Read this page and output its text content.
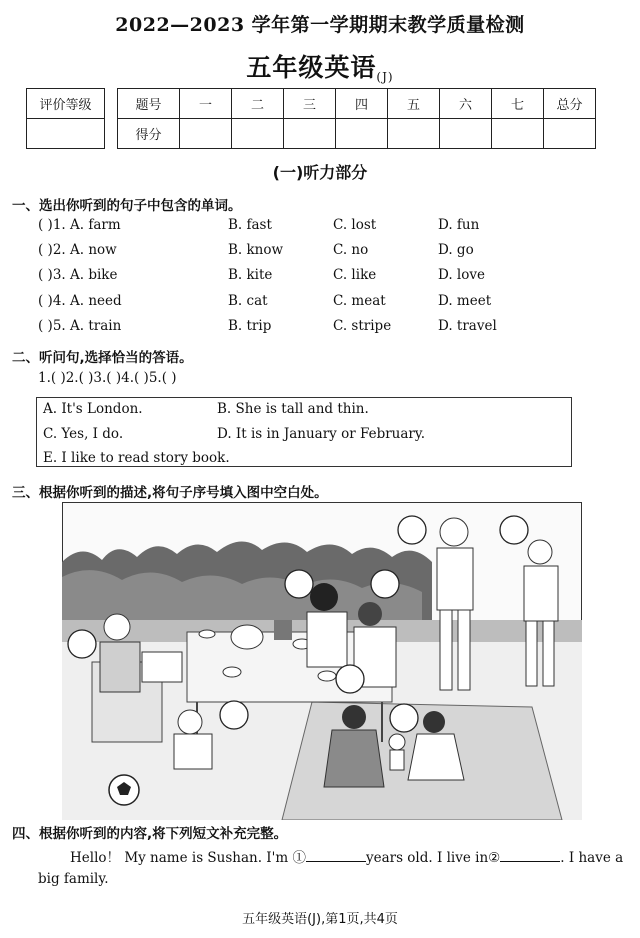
2022—2023 学年第一学期期末教学质量检测
五年级英语(J)
评价等级	题号	一	二	三	四	五	六	七	总分
得分								
(一)听力部分
一、选出你听到的句子中包含的单词。
( )1. A. farm	B. fast	C. lost	D. fun
( )2. A. now	B. know	C. no	D. go
( )3. A. bike	B. kite	C. like	D. love
( )4. A. need	B. cat	C. meat	D. meet
( )5. A. train	B. trip	C. stripe	D. travel
二、听问句,选择恰当的答语。
1.( )2.( )3.( )4.( )5.( )
A. It's London.	B. She is tall and thin.
C. Yes, I do.	D. It is in January or February.
E. I like to read story book.
三、根据你听到的描述,将句子序号填入图中空白处。
四、根据你听到的内容,将下列短文补充完整。
Hello！ My name is Sushan. I'm ①	years old. I live in②	. I have a
big family.
五年级英语(J),第1页,共4页
